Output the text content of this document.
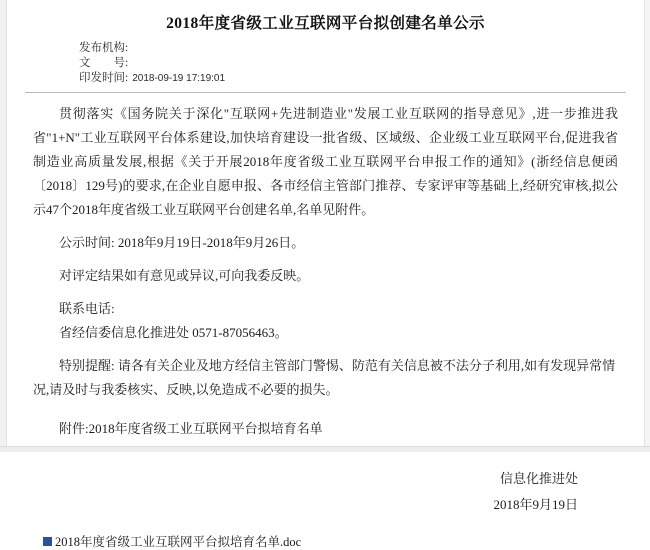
2018年度省级工业互联网平台拟创建名单公示
发布机构:
文　　号:
印发时间: 2018-09-19 17:19:01

贯彻落实《国务院关于深化"互联网+先进制造业"发展工业互联网的指导意见》,进一步推进我省"1+N"工业互联网平台体系建设,加快培育建设一批省级、区域级、企业级工业互联网平台,促进我省制造业高质量发展,根据《关于开展2018年度省级工业互联网平台申报工作的通知》(浙经信息便函〔2018〕129号)的要求,在企业自愿申报、各市经信主管部门推荐、专家评审等基础上,经研究审核,拟公示47个2018年度省级工业互联网平台创建名单,名单见附件。

公示时间: 2018年9月19日-2018年9月26日。

对评定结果如有意见或异议,可向我委反映。

联系电话:

省经信委信息化推进处 0571-87056463。

特别提醒: 请各有关企业及地方经信主管部门警惕、防范有关信息被不法分子利用,如有发现异常情况,请及时与我委核实、反映,以免造成不必要的损失。

附件:2018年度省级工业互联网平台拟培育名单
信息化推进处
2018年9月19日
2018年度省级工业互联网平台拟培育名单.doc
